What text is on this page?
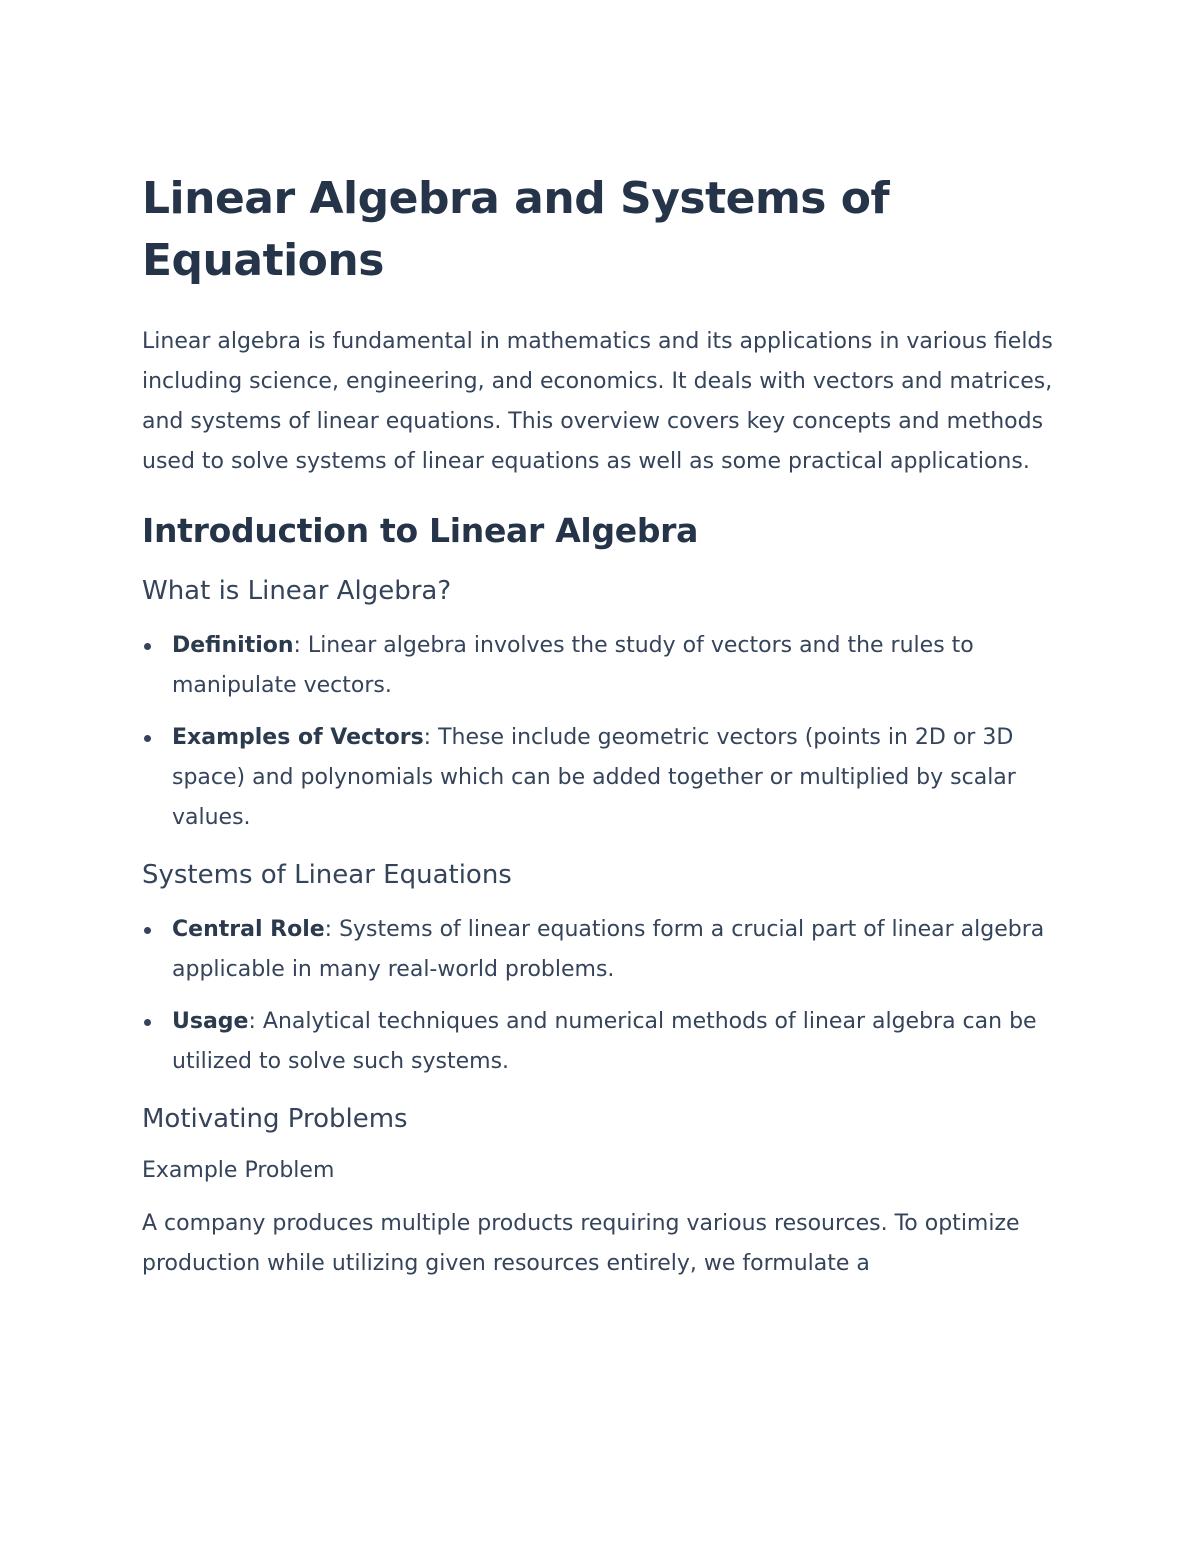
Linear Algebra and Systems of Equations

Linear algebra is fundamental in mathematics and its applications in various fields including science, engineering, and economics. It deals with vectors and matrices, and systems of linear equations. This overview covers key concepts and methods used to solve systems of linear equations as well as some practical applications.

Introduction to Linear Algebra
What is Linear Algebra?
Definition: Linear algebra involves the study of vectors and the rules to manipulate vectors.
Examples of Vectors: These include geometric vectors (points in 2D or 3D space) and polynomials which can be added together or multiplied by scalar values.
Systems of Linear Equations
Central Role: Systems of linear equations form a crucial part of linear algebra applicable in many real-world problems.
Usage: Analytical techniques and numerical methods of linear algebra can be utilized to solve such systems.
Motivating Problems
Example Problem

A company produces multiple products requiring various resources. To optimize production while utilizing given resources entirely, we formulate a
